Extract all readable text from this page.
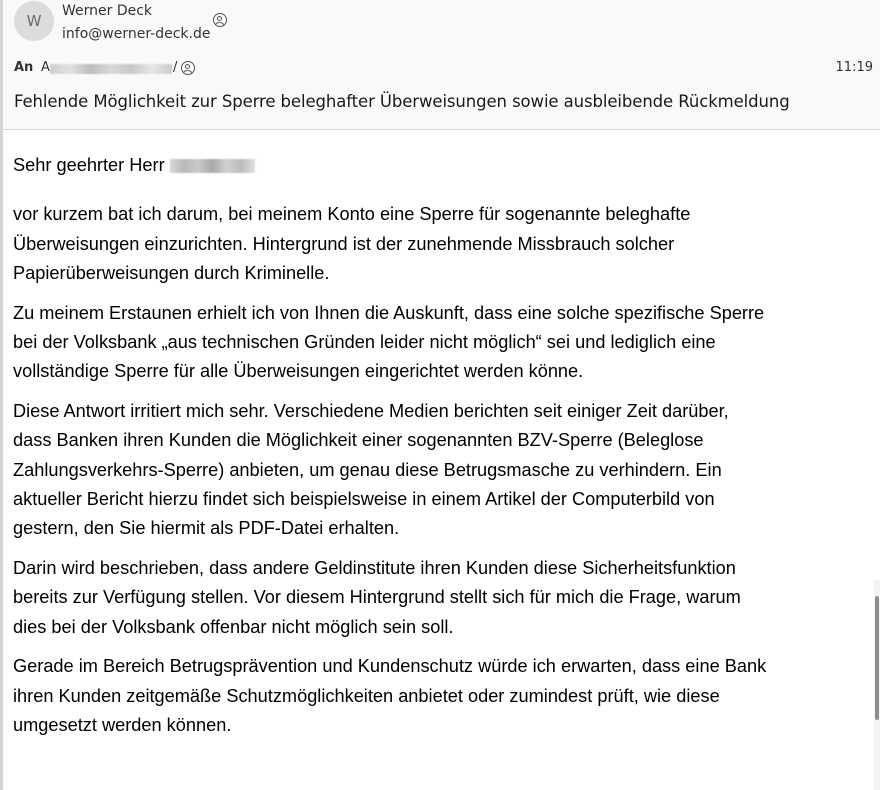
W
Werner Deck
info@werner-deck.de
An A	/	11:19
Fehlende Möglichkeit zur Sperre beleghafter Überweisungen sowie ausbleibende Rückmeldung

Sehr geehrter Herr

vor kurzem bat ich darum, bei meinem Konto eine Sperre für sogenannte beleghafte
Überweisungen einzurichten. Hintergrund ist der zunehmende Missbrauch solcher
Papierüberweisungen durch Kriminelle.

Zu meinem Erstaunen erhielt ich von Ihnen die Auskunft, dass eine solche spezifische Sperre
bei der Volksbank „aus technischen Gründen leider nicht möglich“ sei und lediglich eine
vollständige Sperre für alle Überweisungen eingerichtet werden könne.

Diese Antwort irritiert mich sehr. Verschiedene Medien berichten seit einiger Zeit darüber,
dass Banken ihren Kunden die Möglichkeit einer sogenannten BZV-Sperre (Beleglose
Zahlungsverkehrs-Sperre) anbieten, um genau diese Betrugsmasche zu verhindern. Ein
aktueller Bericht hierzu findet sich beispielsweise in einem Artikel der Computerbild von
gestern, den Sie hiermit als PDF-Datei erhalten.

Darin wird beschrieben, dass andere Geldinstitute ihren Kunden diese Sicherheitsfunktion
bereits zur Verfügung stellen. Vor diesem Hintergrund stellt sich für mich die Frage, warum
dies bei der Volksbank offenbar nicht möglich sein soll.

Gerade im Bereich Betrugsprävention und Kundenschutz würde ich erwarten, dass eine Bank
ihren Kunden zeitgemäße Schutzmöglichkeiten anbietet oder zumindest prüft, wie diese
umgesetzt werden können.
